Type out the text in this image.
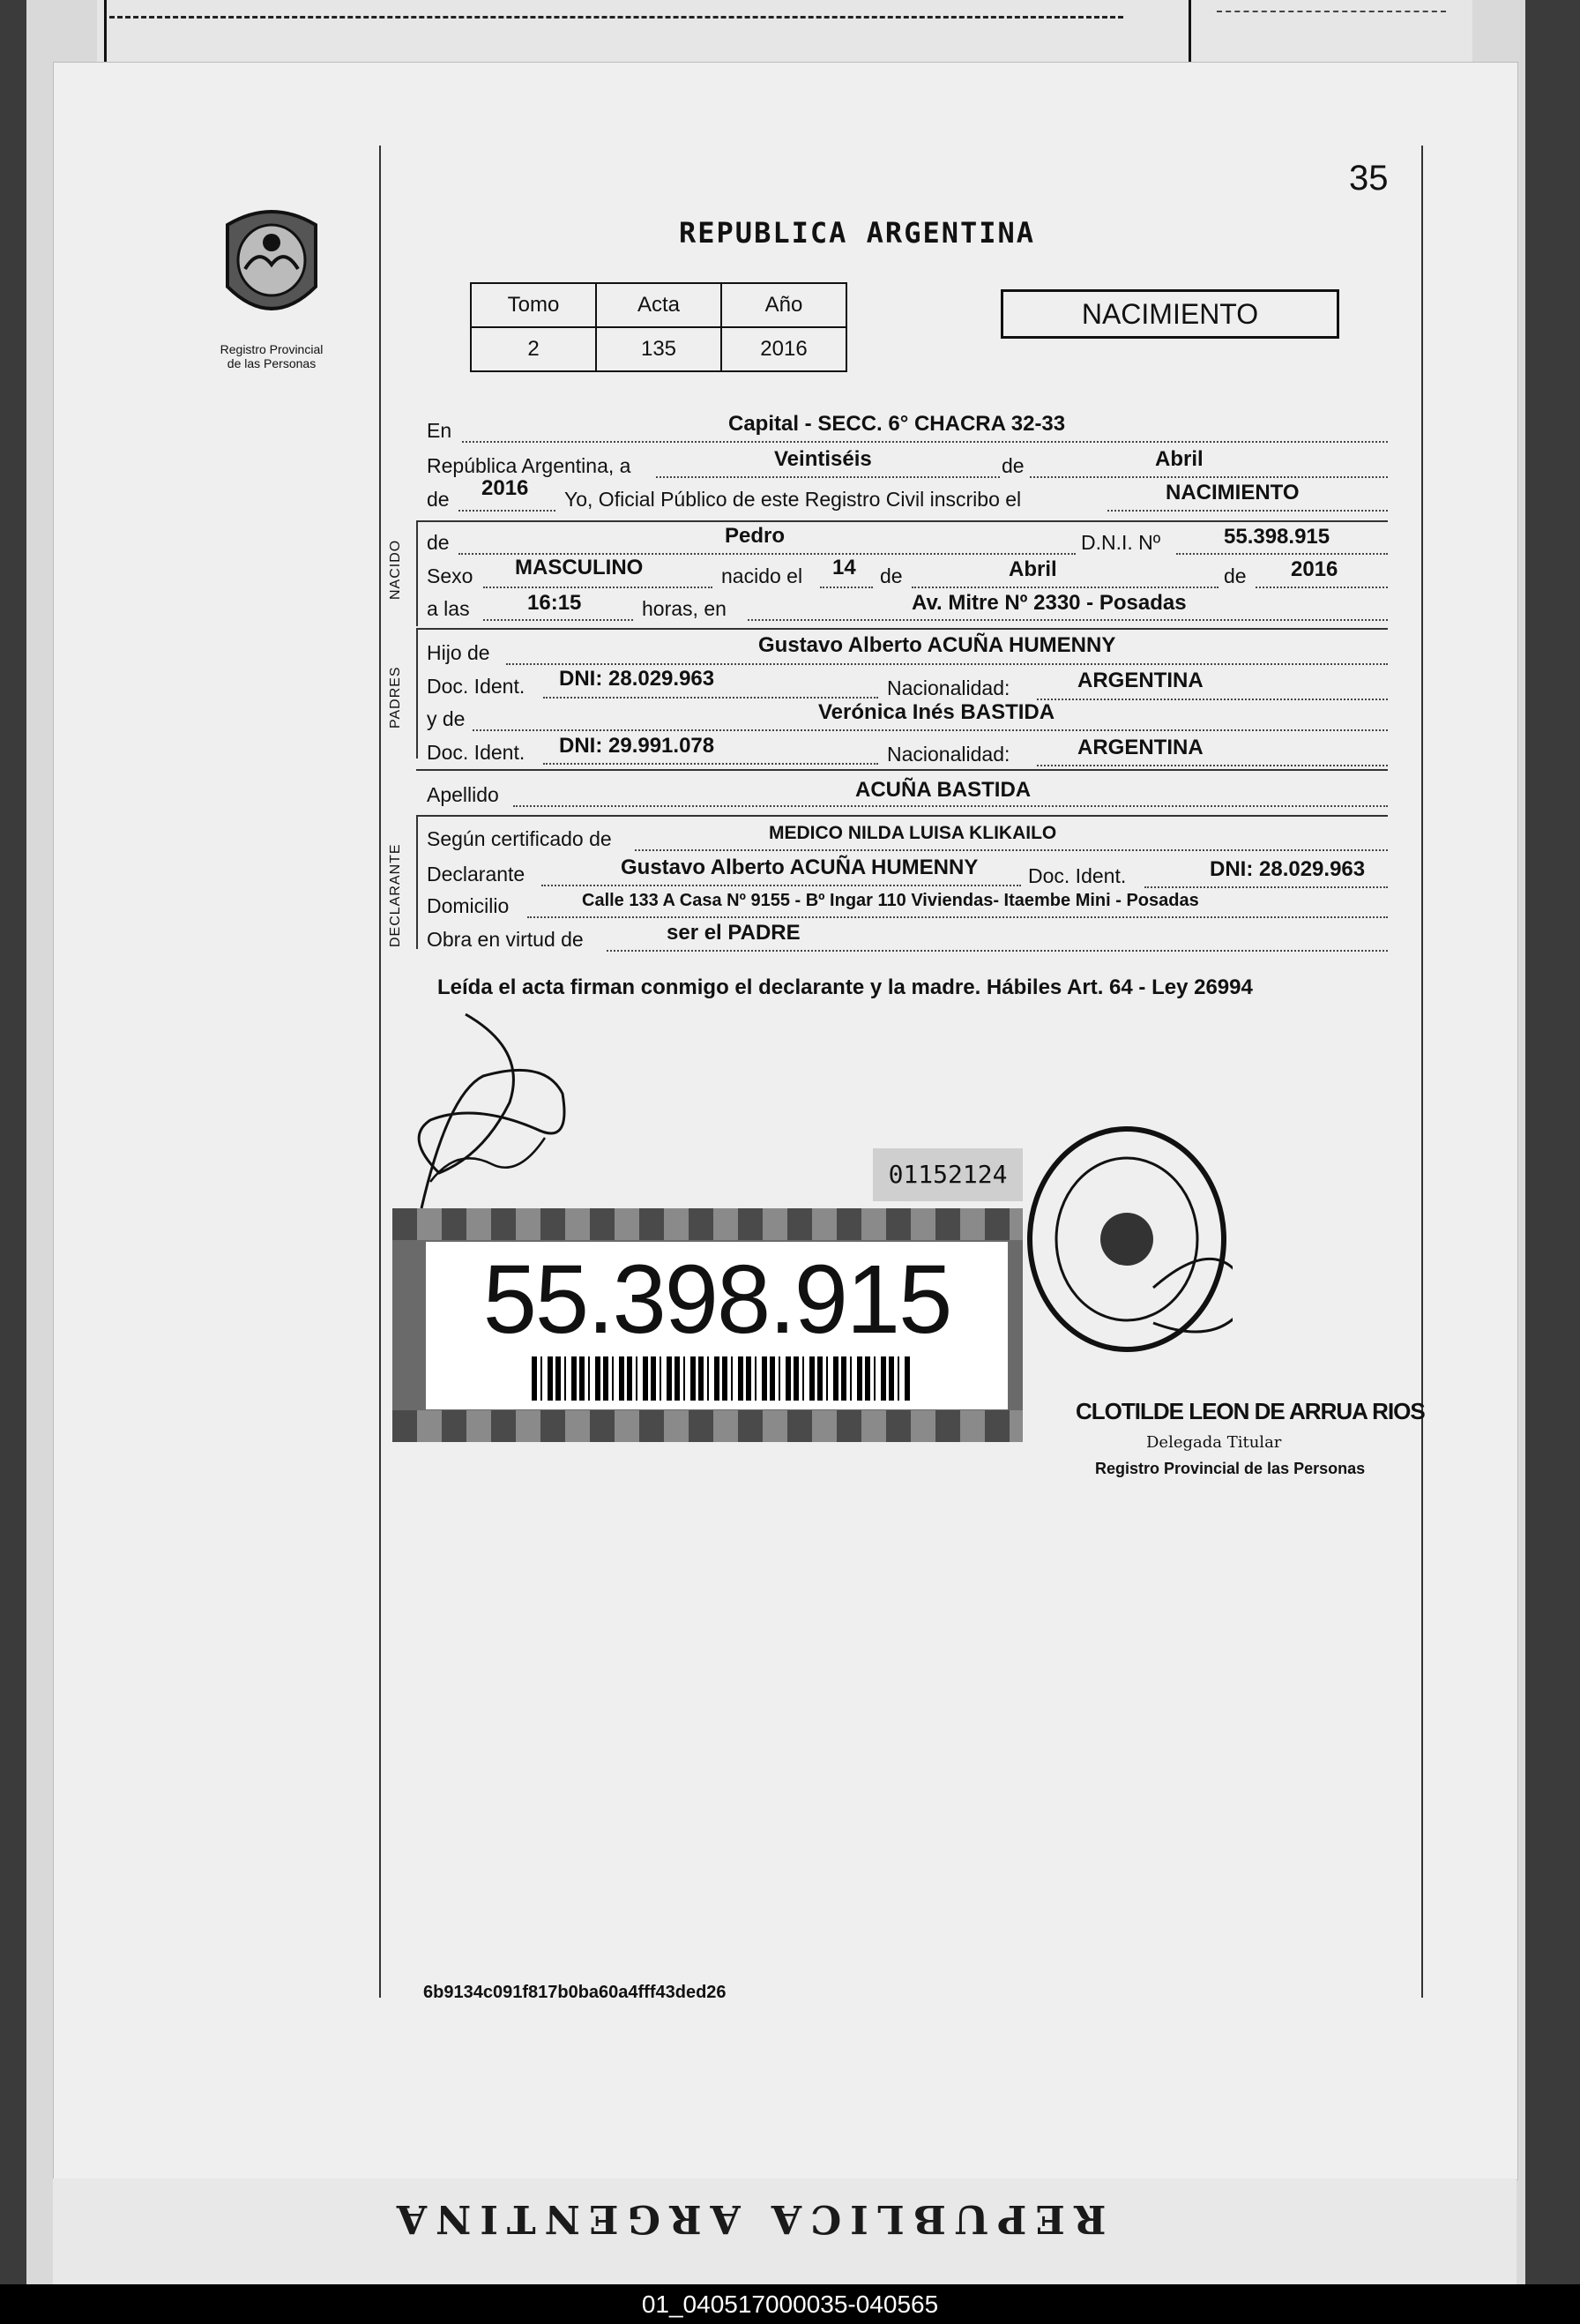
35
Registro Provincial
de las Personas
REPUBLICA ARGENTINA
Tomo	Acta	Año
2	135	2016
NACIMIENTO
En	Capital - SECC. 6° CHACRA 32-33
República Argentina, a	Veintiséis	de	Abril
de 2016 Yo, Oficial Público de este Registro Civil inscribo el	NACIMIENTO
NACIDO de	Pedro	D.N.I. Nº	55.398.915
Sexo MASCULINO	nacido el 14 de	Abril	de 2016
a las	16:15	horas, en	Av. Mitre Nº 2330 - Posadas
PADRES
Hijo de	Gustavo Alberto ACUÑA HUMENNY
Doc. Ident. DNI: 28.029.963	Nacionalidad:	ARGENTINA
y de	Verónica Inés BASTIDA
Doc. Ident. DNI: 29.991.078	Nacionalidad:	ARGENTINA
Apellido	ACUÑA BASTIDA
DECLARANTE
Según certificado de	MEDICO NILDA LUISA KLIKAILO
Declarante	Gustavo Alberto ACUÑA HUMENNY Doc. Ident.	DNI: 28.029.963
Domicilio	Calle 133 A Casa Nº 9155 - Bº Ingar 110 Viviendas- Itaembe Mini - Posadas
Obra en virtud de	ser el PADRE
Leída el acta firman conmigo el declarante y la madre. Hábiles Art. 64 - Ley 26994
01152124
55.398.915
CLOTILDE LEON DE ARRUA RIOS
Delegada Titular
Registro Provincial de las Personas
6b9134c091f817b0ba60a4fff43ded26
REPUBLICA ARGENTINA
01_040517000035-040565
